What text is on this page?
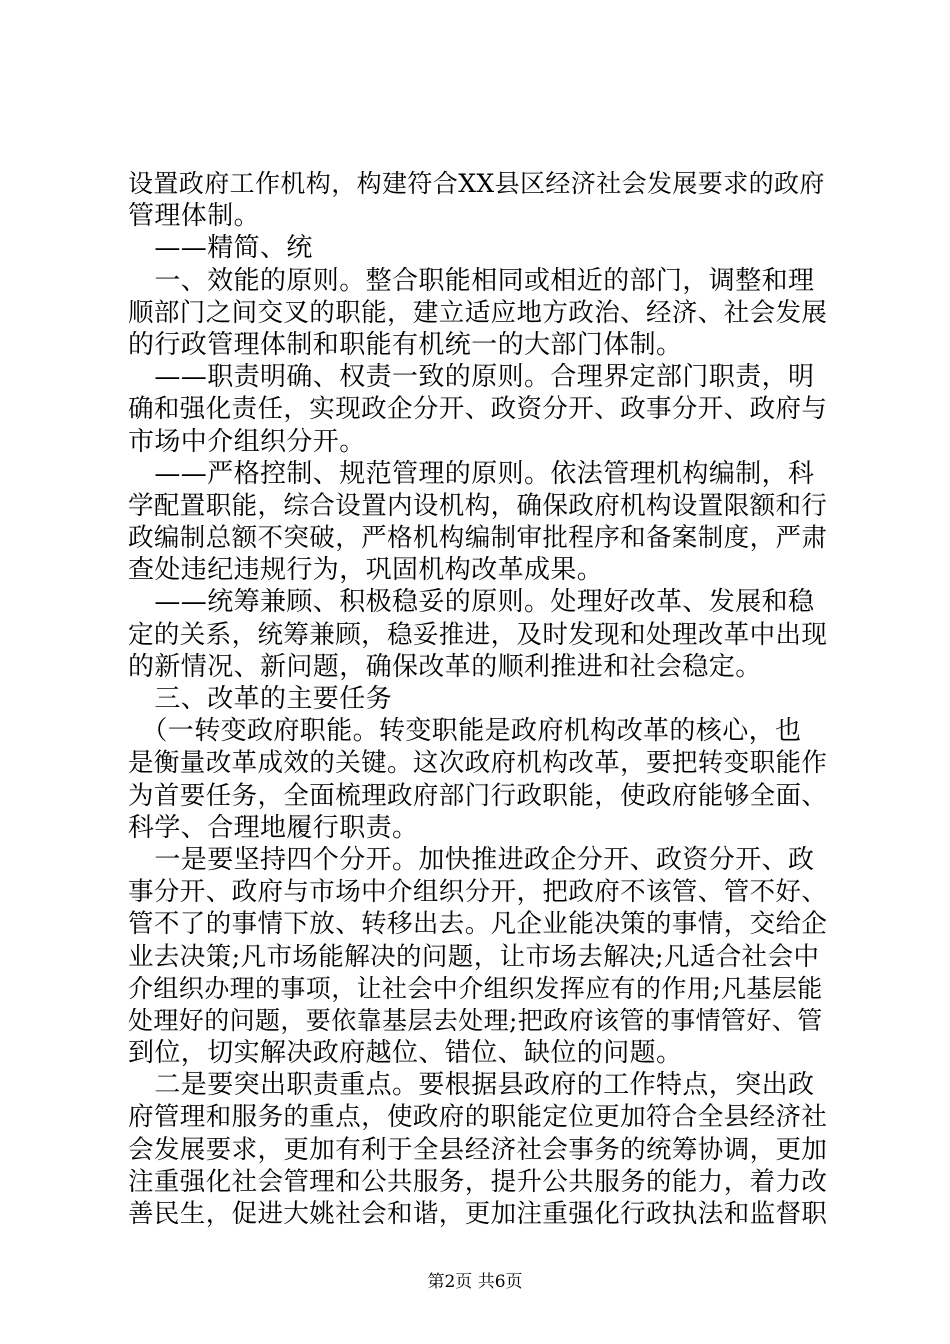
设置政府工作机构，构建符合XX县区经济社会发展要求的政府
管理体制。
　——精简、统
　一、效能的原则。整合职能相同或相近的部门，调整和理
顺部门之间交叉的职能，建立适应地方政治、经济、社会发展
的行政管理体制和职能有机统一的大部门体制。
　——职责明确、权责一致的原则。合理界定部门职责，明
确和强化责任，实现政企分开、政资分开、政事分开、政府与
市场中介组织分开。
　——严格控制、规范管理的原则。依法管理机构编制，科
学配置职能，综合设置内设机构，确保政府机构设置限额和行
政编制总额不突破，严格机构编制审批程序和备案制度，严肃
查处违纪违规行为，巩固机构改革成果。
　——统筹兼顾、积极稳妥的原则。处理好改革、发展和稳
定的关系，统筹兼顾，稳妥推进，及时发现和处理改革中出现
的新情况、新问题，确保改革的顺利推进和社会稳定。
　三、改革的主要任务
　（一转变政府职能。转变职能是政府机构改革的核心，也
是衡量改革成效的关键。这次政府机构改革，要把转变职能作
为首要任务，全面梳理政府部门行政职能，使政府能够全面、
科学、合理地履行职责。
　一是要坚持四个分开。加快推进政企分开、政资分开、政
事分开、政府与市场中介组织分开，把政府不该管、管不好、
管不了的事情下放、转移出去。凡企业能决策的事情，交给企
业去决策;凡市场能解决的问题，让市场去解决;凡适合社会中
介组织办理的事项，让社会中介组织发挥应有的作用;凡基层能
处理好的问题，要依靠基层去处理;把政府该管的事情管好、管
到位，切实解决政府越位、错位、缺位的问题。
　二是要突出职责重点。要根据县政府的工作特点，突出政
府管理和服务的重点，使政府的职能定位更加符合全县经济社
会发展要求，更加有利于全县经济社会事务的统筹协调，更加
注重强化社会管理和公共服务，提升公共服务的能力，着力改
善民生，促进大姚社会和谐，更加注重强化行政执法和监督职
第2页 共6页
